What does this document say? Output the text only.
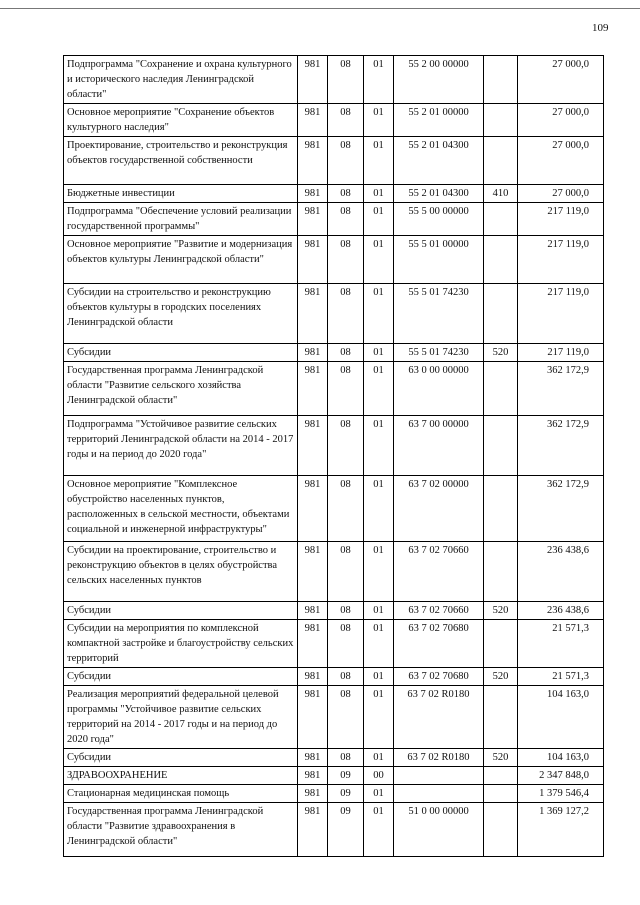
109
Подпрограмма "Сохранение и охрана культурного и исторического наследия Ленинградской области"	981	08	01	55 2 00 00000		27 000,0
Основное мероприятие "Сохранение объектов культурного наследия"	981	08	01	55 2 01 00000		27 000,0
Проектирование, строительство и реконструкция объектов государственной собственности	981	08	01	55 2 01 04300		27 000,0
Бюджетные инвестиции	981	08	01	55 2 01 04300	410	27 000,0
Подпрограмма "Обеспечение условий реализации государственной программы"	981	08	01	55 5 00 00000		217 119,0
Основное мероприятие "Развитие и модернизация объектов культуры Ленинградской области"	981	08	01	55 5 01 00000		217 119,0
Субсидии на строительство и реконструкцию объектов культуры в городских поселениях Ленинградской области	981	08	01	55 5 01 74230		217 119,0
Субсидии	981	08	01	55 5 01 74230	520	217 119,0
Государственная программа Ленинградской области "Развитие сельского хозяйства Ленинградской области"	981	08	01	63 0 00 00000		362 172,9
Подпрограмма "Устойчивое развитие сельских территорий Ленинградской области на 2014 - 2017 годы и на период до 2020 года"	981	08	01	63 7 00 00000		362 172,9
Основное мероприятие "Комплексное обустройство населенных пунктов, расположенных в сельской местности, объектами социальной и инженерной инфраструктуры"	981	08	01	63 7 02 00000		362 172,9
Субсидии на проектирование, строительство и реконструкцию объектов в целях обустройства сельских населенных пунктов	981	08	01	63 7 02 70660		236 438,6
Субсидии	981	08	01	63 7 02 70660	520	236 438,6
Субсидии на мероприятия по комплексной компактной застройке и благоустройству сельских территорий	981	08	01	63 7 02 70680		21 571,3
Субсидии	981	08	01	63 7 02 70680	520	21 571,3
Реализация мероприятий федеральной целевой программы "Устойчивое развитие сельских территорий на 2014 - 2017 годы и на период до 2020 года"	981	08	01	63 7 02 R0180		104 163,0
Субсидии	981	08	01	63 7 02 R0180	520	104 163,0
ЗДРАВООХРАНЕНИЕ	981	09	00			2 347 848,0
Стационарная медицинская помощь	981	09	01			1 379 546,4
Государственная программа Ленинградской области "Развитие здравоохранения в Ленинградской области"	981	09	01	51 0 00 00000		1 369 127,2
